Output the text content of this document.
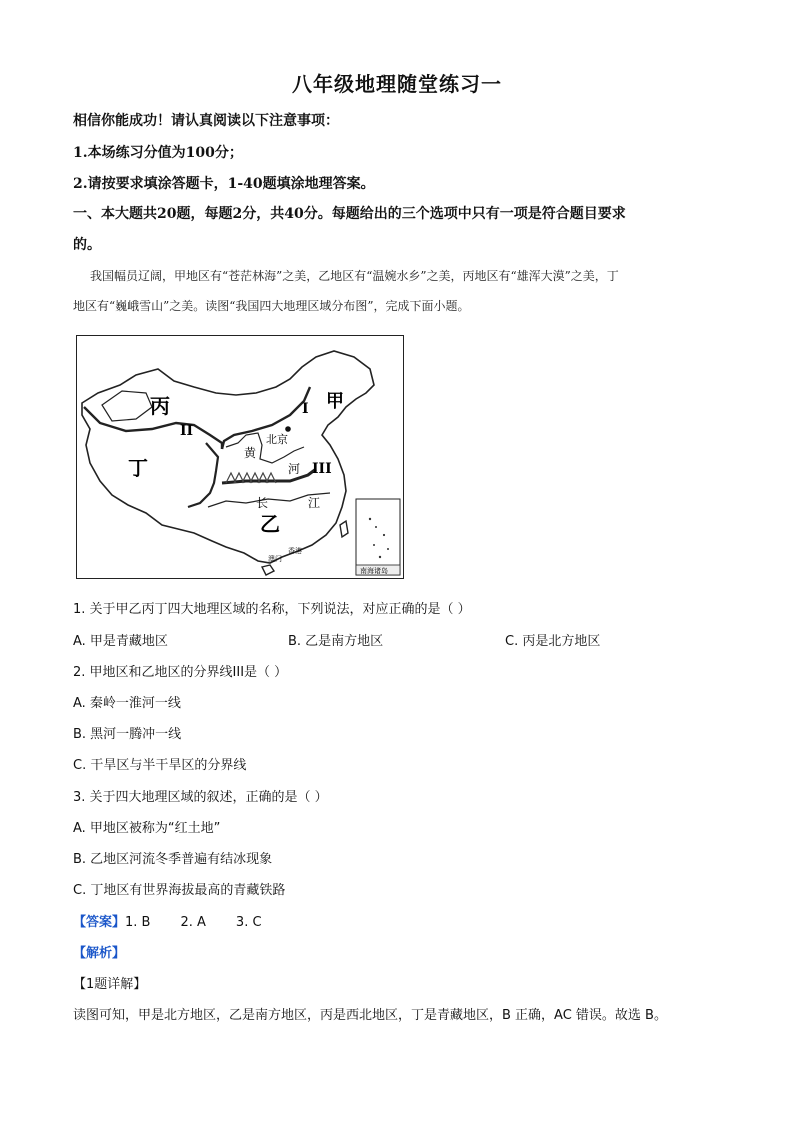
八年级地理随堂练习一
相信你能成功！请认真阅读以下注意事项：
1.本场练习分值为100分；
2.请按要求填涂答题卡，1-40题填涂地理答案。
一、本大题共20题，每题2分，共40分。每题给出的三个选项中只有一项是符合题目要求
的。
我国幅员辽阔，甲地区有“苍茫林海”之美，乙地区有“温婉水乡”之美，丙地区有“雄浑大漠”之美，丁
地区有“巍峨雪山”之美。读图“我国四大地理区域分布图”，完成下面小题。
丙	甲
丁
乙
I
II
III
北京
黄
河
长	江
香港
澳门
南海诸岛
1. 关于甲乙丙丁四大地理区域的名称，下列说法，对应正确的是（ ）
A. 甲是青藏地区	B. 乙是南方地区	C. 丙是北方地区
2. 甲地区和乙地区的分界线III是（ ）
A. 秦岭一淮河一线
B. 黑河一腾冲一线
C. 干旱区与半干旱区的分界线
3. 关于四大地理区域的叙述，正确的是（ ）
A. 甲地区被称为“红土地”
B. 乙地区河流冬季普遍有结冰现象
C. 丁地区有世界海拔最高的青藏铁路
【答案】1. B 2. A 3. C
【解析】
【1题详解】
读图可知，甲是北方地区，乙是南方地区，丙是西北地区，丁是青藏地区，B 正确，AC 错误。故选 B。
